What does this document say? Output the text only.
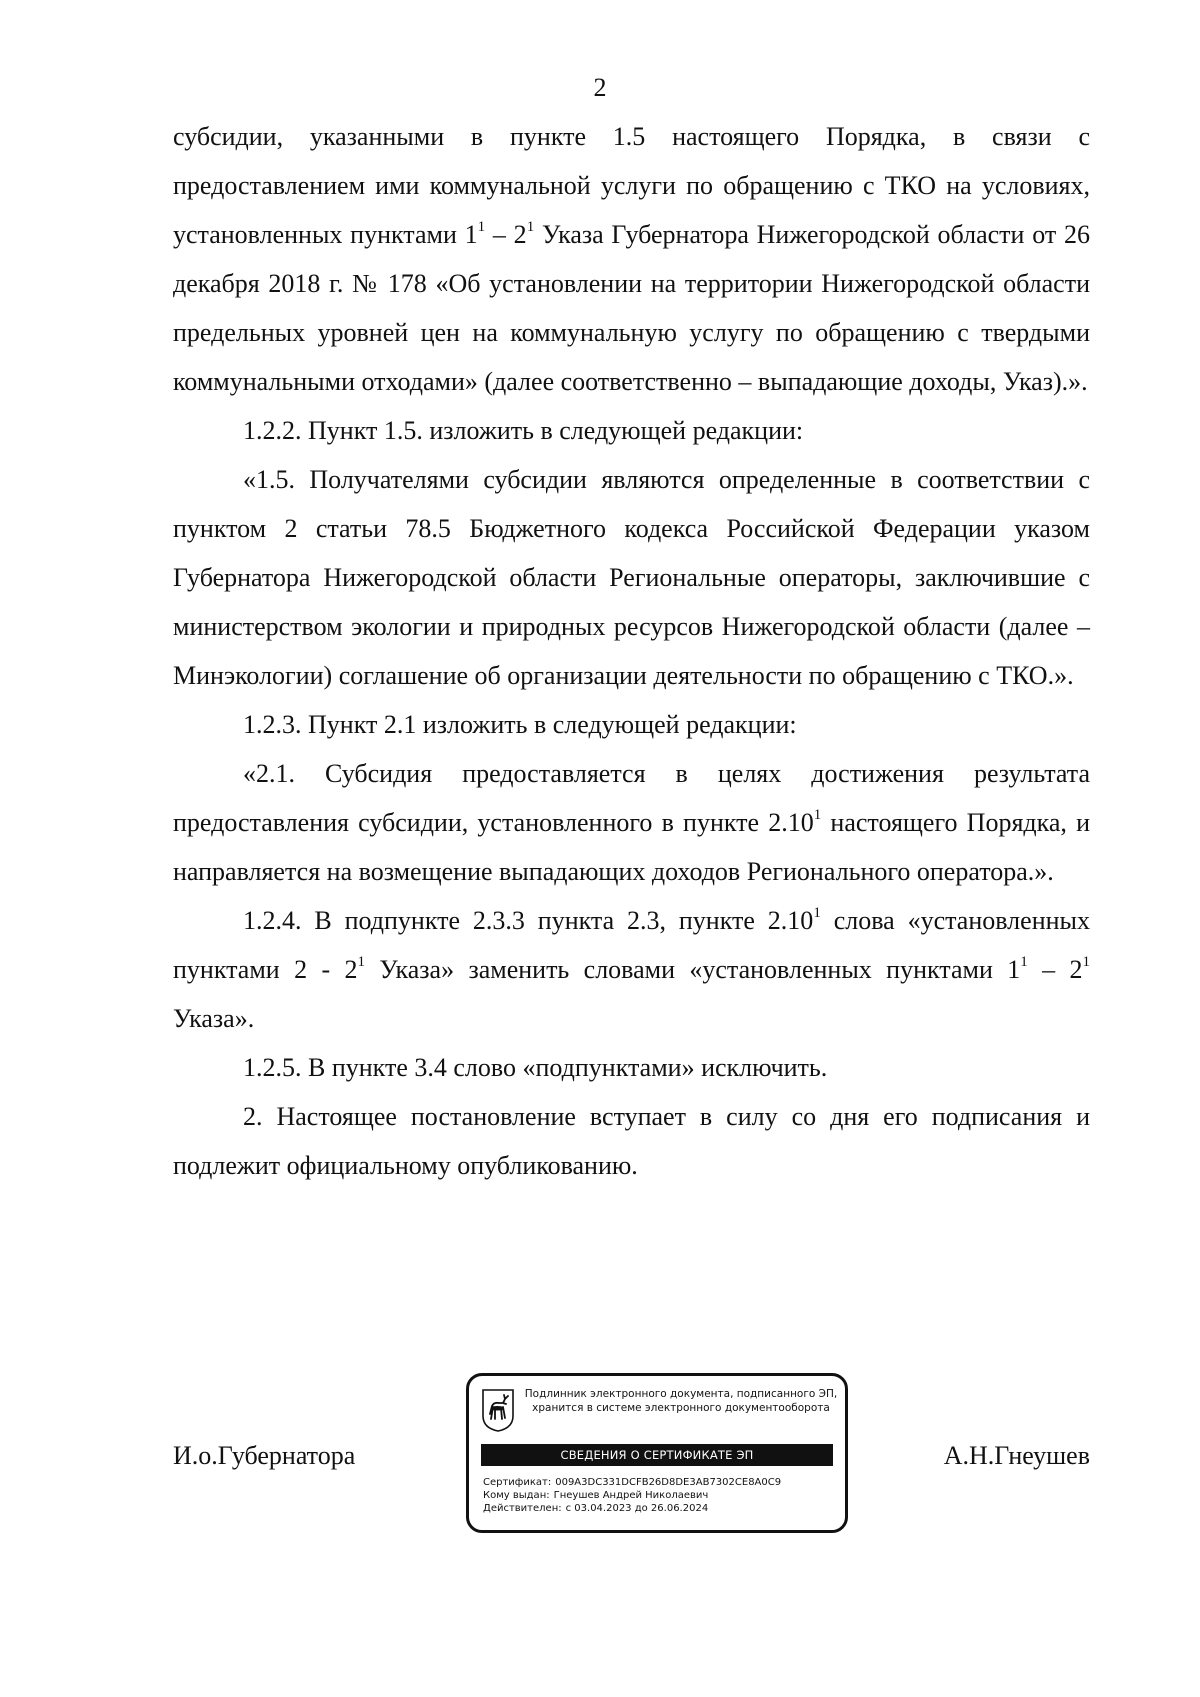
2

субсидии, указанными в пункте 1.5 настоящего Порядка, в связи с предоставлением ими коммунальной услуги по обращению с ТКО на условиях, установленных пунктами $1^1 - 2^1$ Указа Губернатора Нижегородской области от 26 декабря 2018 г. № 178 «Об установлении на территории Нижегородской области предельных уровней цен на коммунальную услугу по обращению с твердыми коммунальными отходами» (далее соответственно – выпадающие доходы, Указ).».

1.2.2. Пункт 1.5. изложить в следующей редакции:

«1.5. Получателями субсидии являются определенные в соответствии с пунктом 2 статьи 78.5 Бюджетного кодекса Российской Федерации указом Губернатора Нижегородской области Региональные операторы, заключившие с министерством экологии и природных ресурсов Нижегородской области (далее – Минэкологии) соглашение об организации деятельности по обращению с ТКО.».

1.2.3. Пункт 2.1 изложить в следующей редакции:

«2.1. Субсидия предоставляется в целях достижения результата предоставления субсидии, установленного в пункте 2.10$^1$ настоящего Порядка, и направляется на возмещение выпадающих доходов Регионального оператора.».

1.2.4. В подпункте 2.3.3 пункта 2.3, пункте 2.10$^1$ слова «установленных пунктами $2 - 2^1$ Указа» заменить словами «установленных пунктами $1^1 - 2^1$ Указа».

1.2.5. В пункте 3.4 слово «подпунктами» исключить.

2. Настоящее постановление вступает в силу со дня его подписания и подлежит официальному опубликованию.

И.о.Губернатора	А.Н.Гнеушев
Подлинник электронного документа, подписанного ЭП,
хранится в системе электронного документооборота
СВЕДЕНИЯ О СЕРТИФИКАТЕ ЭП
Сертификат: 009A3DC331DCFB26D8DE3AB7302CE8A0C9
Кому выдан: Гнеушев Андрей Николаевич
Действителен: с 03.04.2023 до 26.06.2024
